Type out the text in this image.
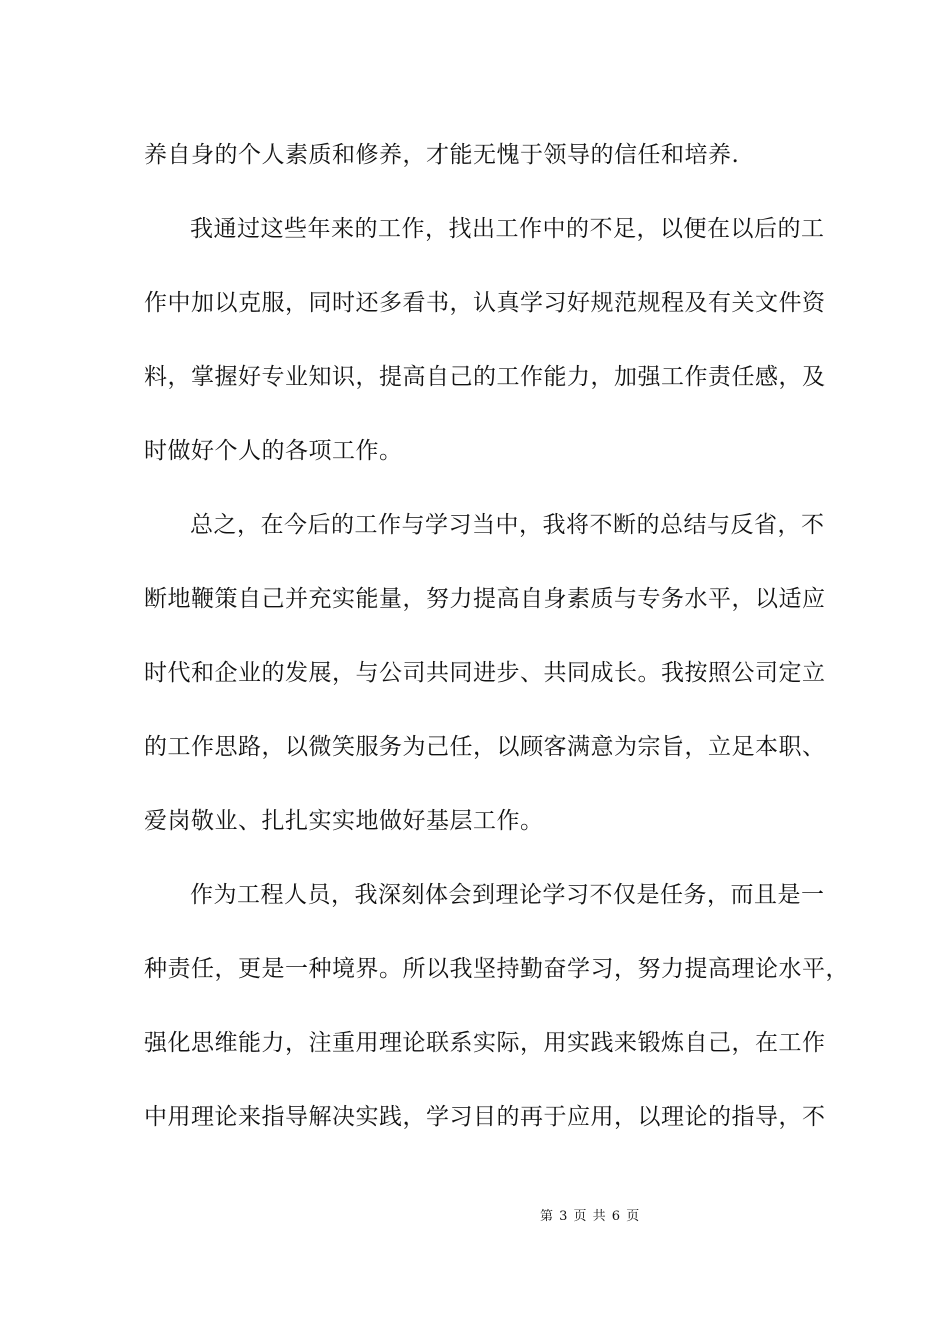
养自身的个人素质和修养，才能无愧于领导的信任和培养.
我通过这些年来的工作，找出工作中的不足，以便在以后的工
作中加以克服，同时还多看书，认真学习好规范规程及有关文件资
料，掌握好专业知识，提高自己的工作能力，加强工作责任感，及
时做好个人的各项工作。
总之，在今后的工作与学习当中，我将不断的总结与反省，不
断地鞭策自己并充实能量，努力提高自身素质与专务水平，以适应
时代和企业的发展，与公司共同进步、共同成长。我按照公司定立
的工作思路，以微笑服务为己任，以顾客满意为宗旨，立足本职、
爱岗敬业、扎扎实实地做好基层工作。
作为工程人员，我深刻体会到理论学习不仅是任务，而且是一
种责任，更是一种境界。所以我坚持勤奋学习，努力提高理论水平，
强化思维能力，注重用理论联系实际，用实践来锻炼自己，在工作
中用理论来指导解决实践，学习目的再于应用，以理论的指导，不
第 3 页 共 6 页
